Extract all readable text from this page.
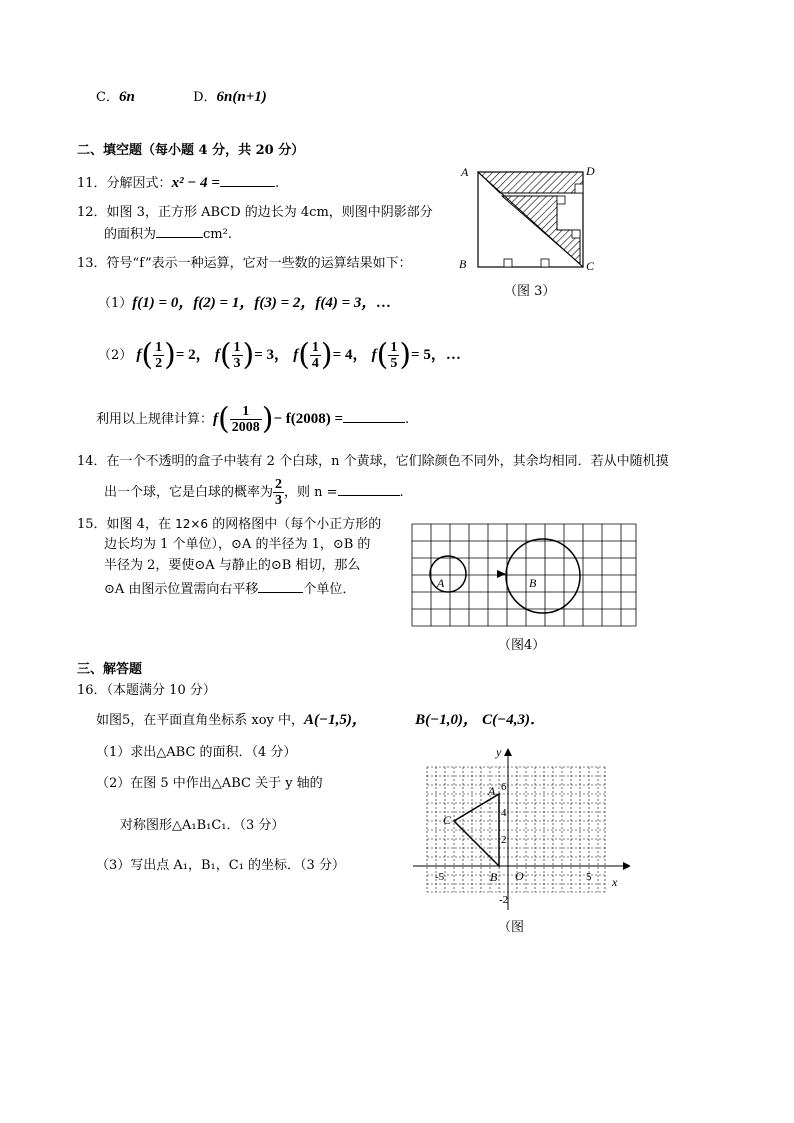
C．6n	D．6n(n+1)
二、填空题（每小题 4 分，共 20 分）
11．分解因式：x² − 4 =	.
12．如图 3，正方形 ABCD 的边长为 4cm，则图中阴影部分
的面积为	cm².
A	D
B	C
（图 3）
13．符号“f”表示一种运算，它对一些数的运算结果如下：
（1）f(1) = 0，f(2) = 1，f(3) = 2，f(4) = 3，…
（2） $f( \frac{1}{2}$ )= 2， $f( \frac{1}{3}$ )= 3， $f( \frac{1}{4}$ )= 4， $f( \frac{1}{5}$ )= 5，…
利用以上规律计算：$f( \frac{1}{2008}$ )− f(2008) =	.
14．在一个不透明的盒子中装有 2 个白球，n 个黄球，它们除颜色不同外，其余均相同．若从中随机摸
出一个球，它是白球的概率为 $\frac{2}{3}$ ，则 n =	.
15．如图 4，在 12×6 的网格图中（每个小正方形的
边长均为 1 个单位），⊙A 的半径为 1，⊙B 的
半径为 2，要使⊙A 与静止的⊙B 相切，那么
⊙A 由图示位置需向右平移	个单位．	A	B
（图4）
三、解答题
16．（本题满分 10 分）
如图5，在平面直角坐标系 xoy 中，A(−1,5)，	B(−1,0)， C(−4,3)．
（1）求出△ABC 的面积．（4 分）
（2）在图 5 中作出△ABC 关于 y 轴的
对称图形△A₁B₁C₁．（3 分）
（3）写出点 A₁，B₁，C₁ 的坐标．（3 分）
x
y
6
4
2
-2
-5	5
O
A
B
C
（图
